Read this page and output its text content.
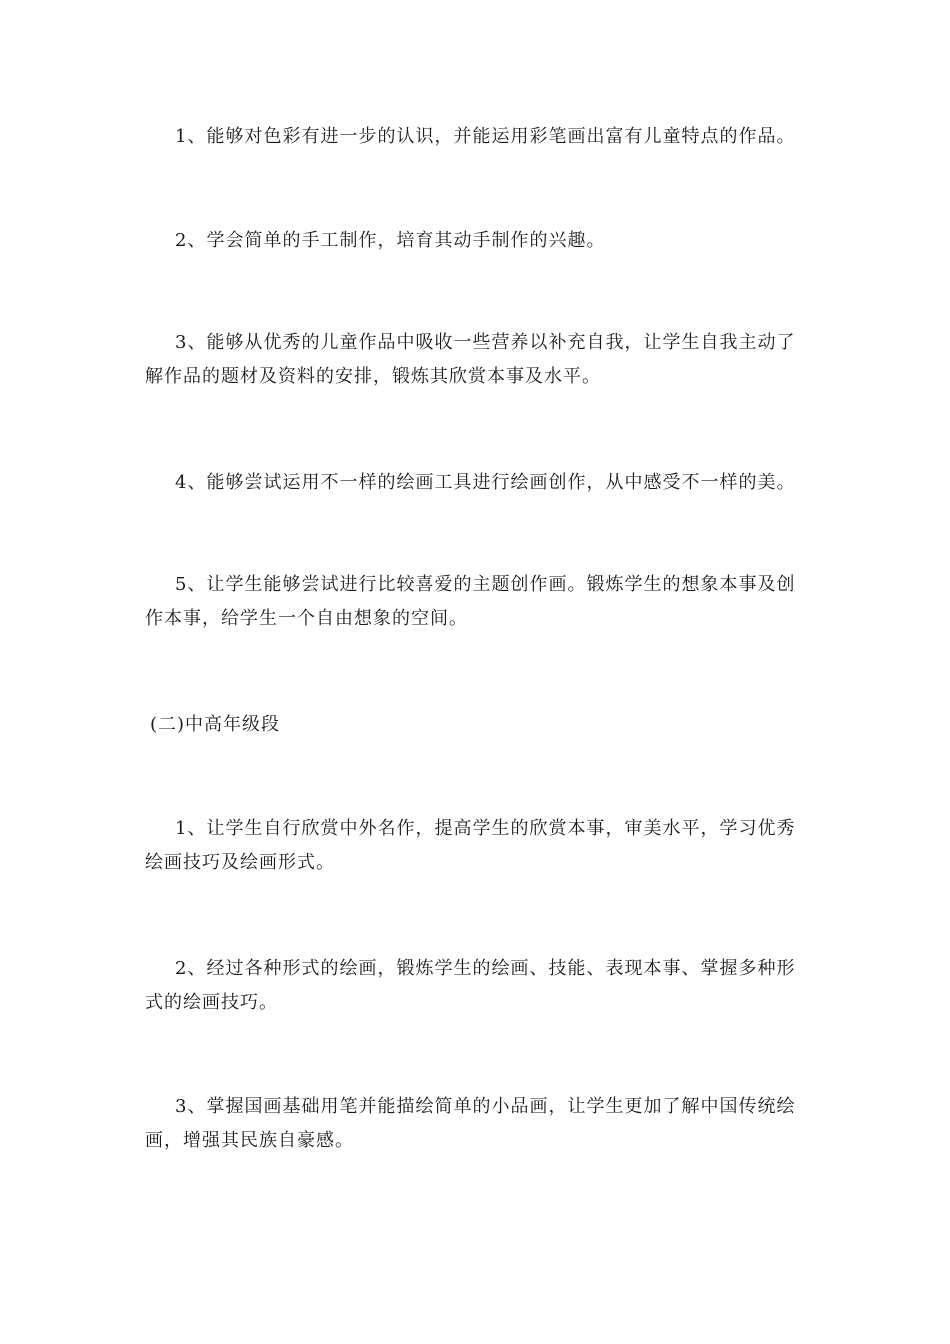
1、能够对色彩有进一步的认识，并能运用彩笔画出富有儿童特点的作品。

2、学会简单的手工制作，培育其动手制作的兴趣。

3、能够从优秀的儿童作品中吸收一些营养以补充自我，让学生自我主动了解作品的题材及资料的安排，锻炼其欣赏本事及水平。

4、能够尝试运用不一样的绘画工具进行绘画创作，从中感受不一样的美。

5、让学生能够尝试进行比较喜爱的主题创作画。锻炼学生的想象本事及创作本事，给学生一个自由想象的空间。

(二)中高年级段

1、让学生自行欣赏中外名作，提高学生的欣赏本事，审美水平，学习优秀绘画技巧及绘画形式。

2、经过各种形式的绘画，锻炼学生的绘画、技能、表现本事、掌握多种形式的绘画技巧。

3、掌握国画基础用笔并能描绘简单的小品画，让学生更加了解中国传统绘画，增强其民族自豪感。
